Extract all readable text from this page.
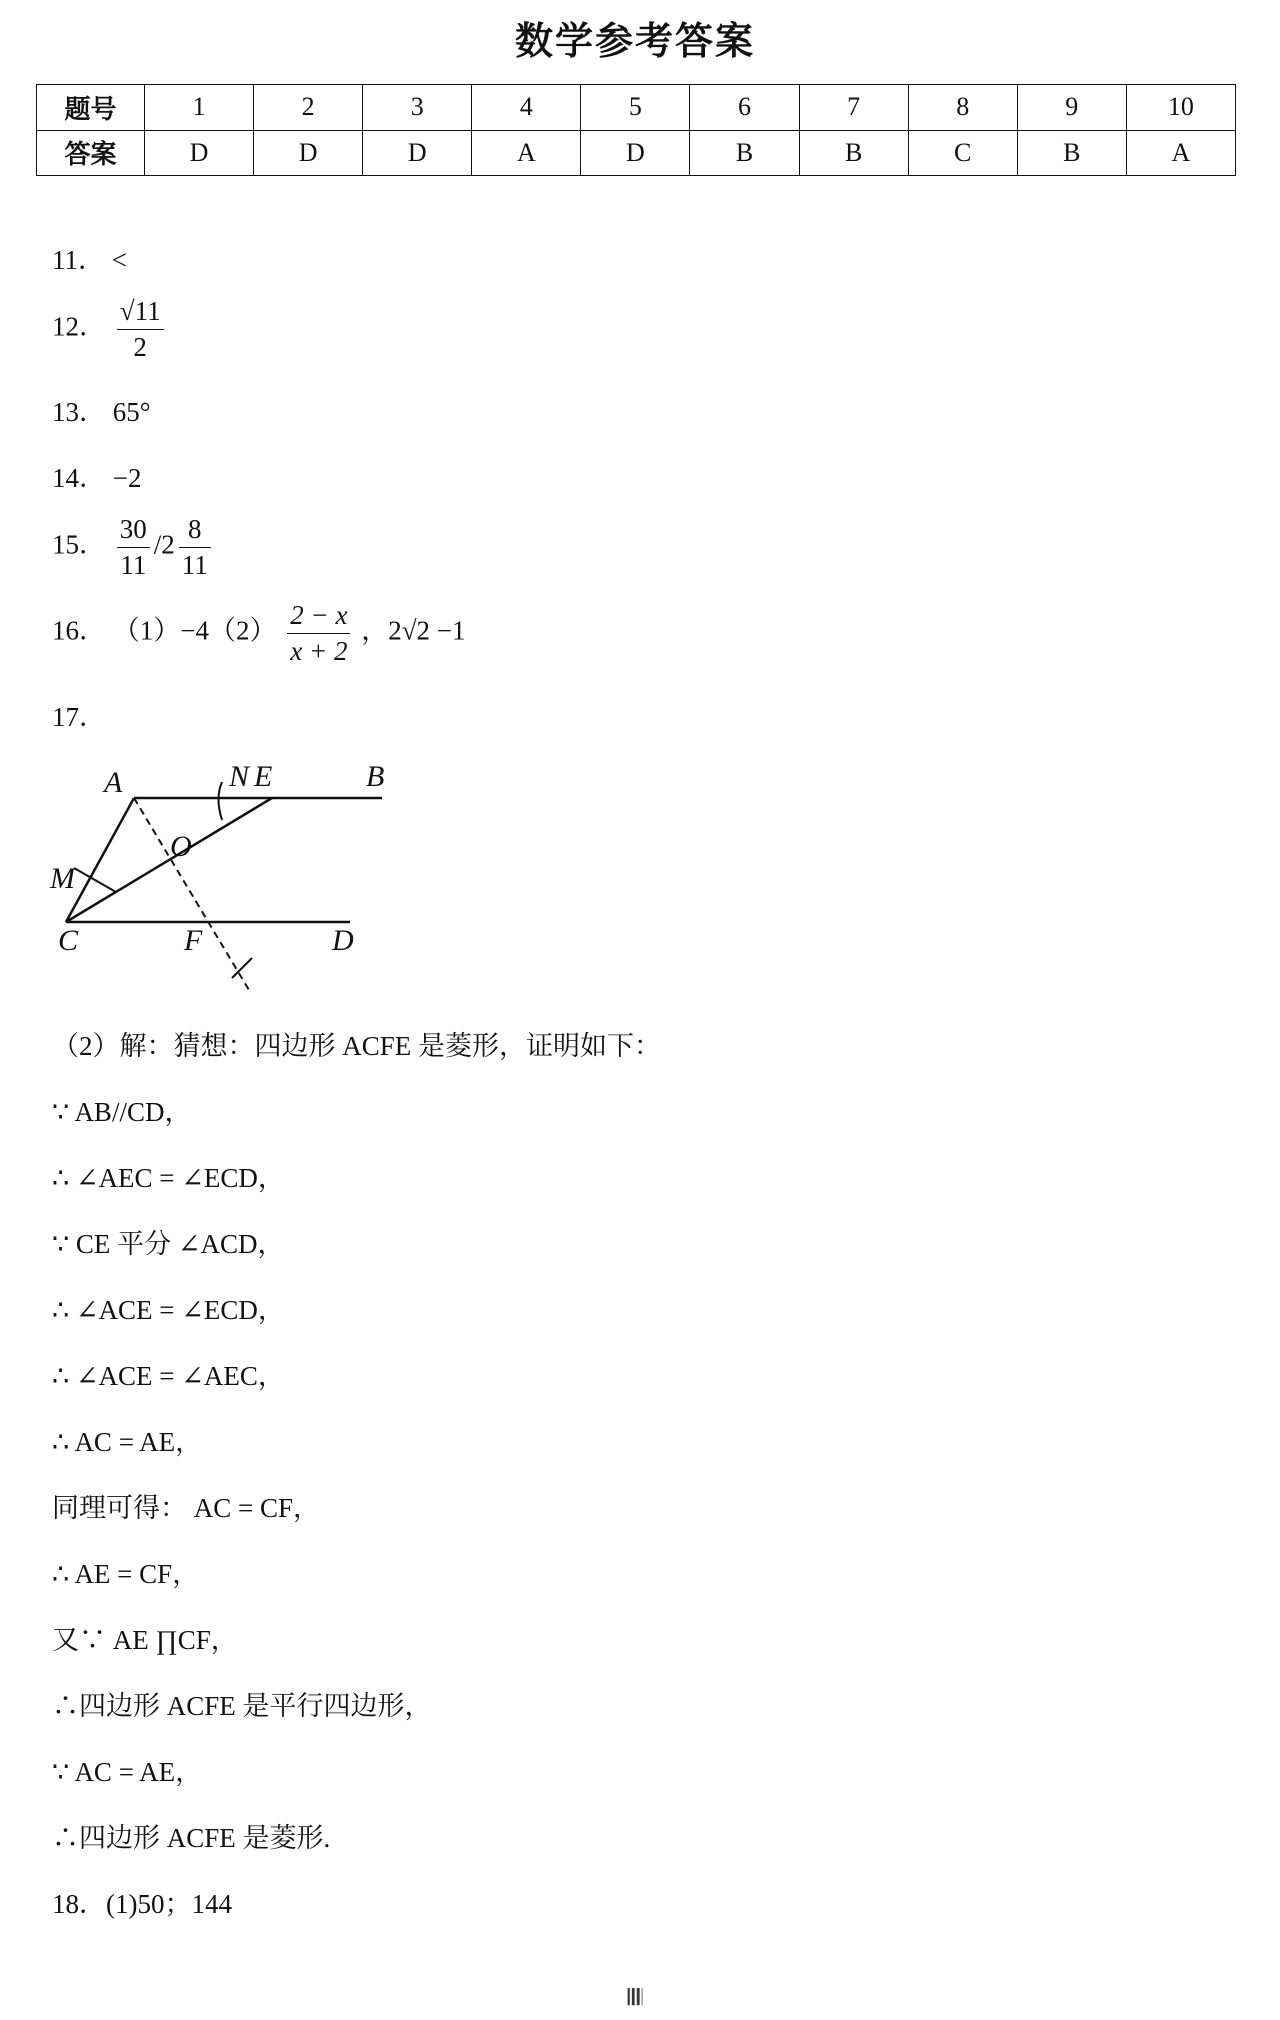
数学参考答案
题号	1	2	3	4	5	6	7	8	9	10
答案	D	D	D	A	D	B	B	C	B	A
11． <
12． $\frac{√11}{2}$
13． 65°
14． −2
15． $\frac{30}{11} /2 \frac{8}{11}$
16． $(1)-4(2) \frac{2 - x}{x + 2}$ ，2√2 −1
17．
A	N E	B
O
M
C	F	D
（2）解：猜想：四边形 ACFE 是菱形，证明如下：
∵ AB//CD，
∴ ∠AEC = ∠ECD，
∵ CE 平分 ∠ACD，
∴ ∠ACE = ∠ECD，
∴ ∠ACE = ∠AEC，
∴ AC = AE，
同理可得： AC = CF，
∴ AE = CF，
又∵ AE ∏CF，
∴四边形 ACFE 是平行四边形，
∵ AC = AE，
∴四边形 ACFE 是菱形.
18．(1)50；144
𝄃𝄃𝄃
